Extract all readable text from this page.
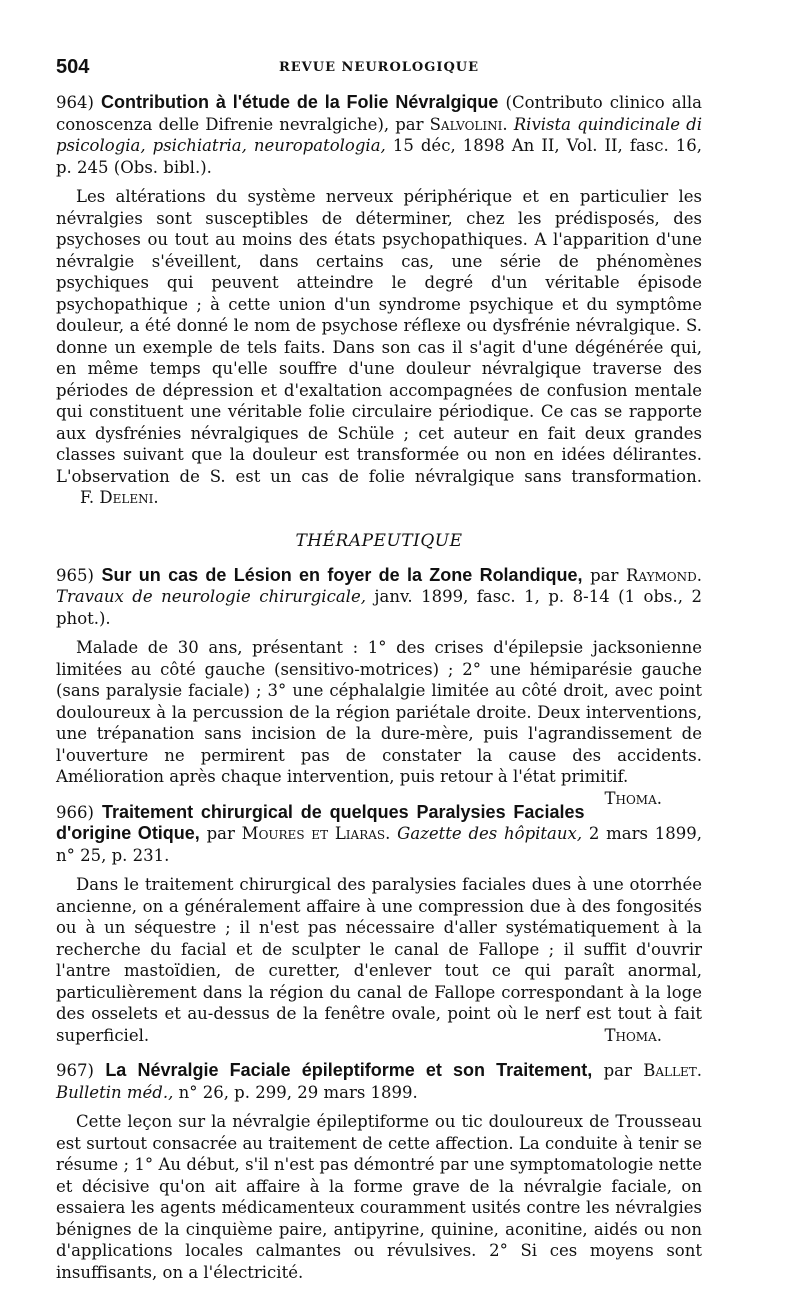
504	REVUE NEUROLOGIQUE
964) Contribution à l'étude de la Folie Névralgique (Contributo clinico alla conoscenza delle Difrenie nevralgiche), par Salvolini. Rivista quindicinale di psicologia, psichiatria, neuropatologia, 15 déc, 1898 An II, Vol. II, fasc. 16, p. 245 (Obs. bibl.).
Les altérations du système nerveux périphérique et en particulier les névralgies sont susceptibles de déterminer, chez les prédisposés, des psychoses ou tout au moins des états psychopathiques. A l'apparition d'une névralgie s'éveillent, dans certains cas, une série de phénomènes psychiques qui peuvent atteindre le degré d'un véritable épisode psychopathique ; à cette union d'un syndrome psychique et du symptôme douleur, a été donné le nom de psychose réflexe ou dysfrénie névralgique. S. donne un exemple de tels faits. Dans son cas il s'agit d'une dégénérée qui, en même temps qu'elle souffre d'une douleur névralgique traverse des périodes de dépression et d'exaltation accompagnées de confusion mentale qui constituent une véritable folie circulaire périodique. Ce cas se rapporte aux dysfrénies névralgiques de Schüle ; cet auteur en fait deux grandes classes suivant que la douleur est transformée ou non en idées délirantes. L'observation de S. est un cas de folie névralgique sans transformation. F. Deleni.
THÉRAPEUTIQUE
965) Sur un cas de Lésion en foyer de la Zone Rolandique, par Raymond. Travaux de neurologie chirurgicale, janv. 1899, fasc. 1, p. 8-14 (1 obs., 2 phot.).
Malade de 30 ans, présentant : 1° des crises d'épilepsie jacksonienne limitées au côté gauche (sensitivo-motrices) ; 2° une hémiparésie gauche (sans paralysie faciale) ; 3° une céphalalgie limitée au côté droit, avec point douloureux à la percussion de la région pariétale droite. Deux interventions, une trépanation sans incision de la dure-mère, puis l'agrandissement de l'ouverture ne permirent pas de constater la cause des accidents. Amélioration après chaque intervention, puis retour à l'état primitif.
Thoma.
966) Traitement chirurgical de quelques Paralysies Faciales d'origine Otique, par Moures et Liaras. Gazette des hôpitaux, 2 mars 1899, n° 25, p. 231.
Dans le traitement chirurgical des paralysies faciales dues à une otorrhée ancienne, on a généralement affaire à une compression due à des fongosités ou à un séquestre ; il n'est pas nécessaire d'aller systématiquement à la recherche du facial et de sculpter le canal de Fallope ; il suffit d'ouvrir l'antre mastoïdien, de curetter, d'enlever tout ce qui paraît anormal, particulièrement dans la région du canal de Fallope correspondant à la loge des osselets et au-dessus de la fenêtre ovale, point où le nerf est tout à fait superficiel.	Thoma.
967) La Névralgie Faciale épileptiforme et son Traitement, par Ballet. Bulletin méd., n° 26, p. 299, 29 mars 1899.
Cette leçon sur la névralgie épileptiforme ou tic douloureux de Trousseau est surtout consacrée au traitement de cette affection. La conduite à tenir se résume ; 1° Au début, s'il n'est pas démontré par une symptomatologie nette et décisive qu'on ait affaire à la forme grave de la névralgie faciale, on essaiera les agents médicamenteux couramment usités contre les névralgies bénignes de la cinquième paire, antipyrine, quinine, aconitine, aidés ou non d'applications locales calmantes ou révulsives. 2° Si ces moyens sont insuffisants, on a l'électricité.
